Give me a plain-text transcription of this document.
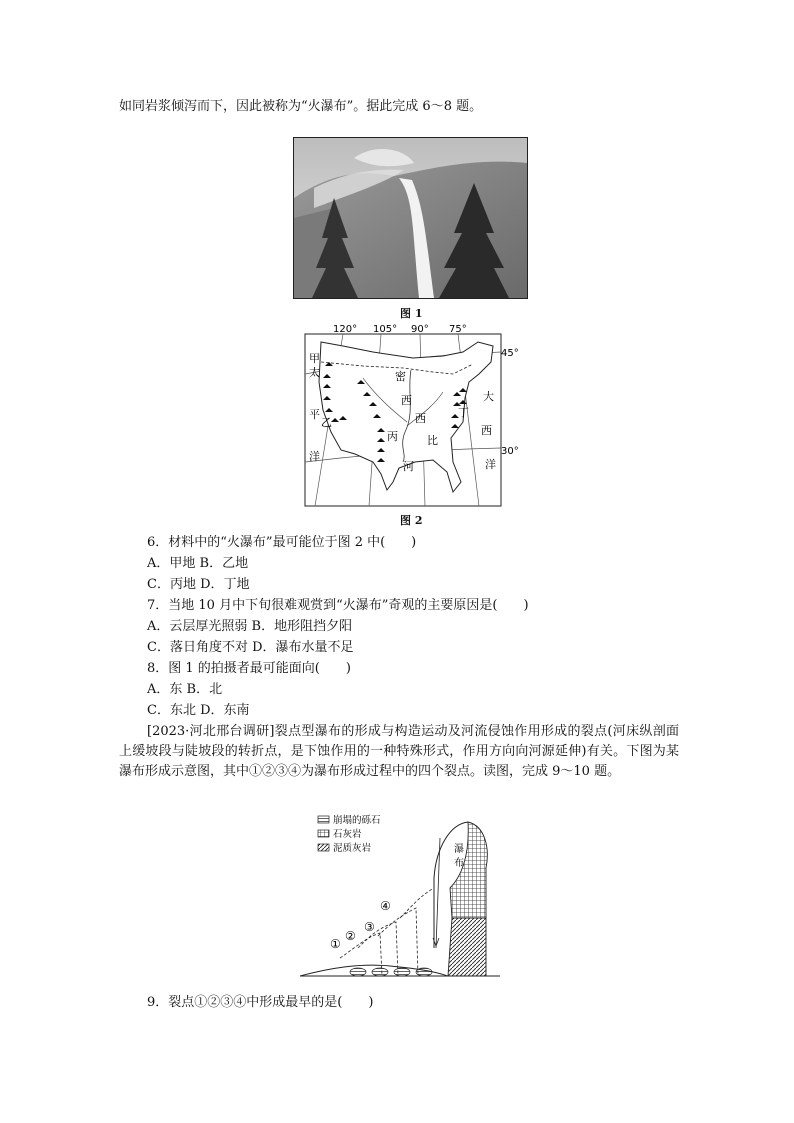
如同岩浆倾泻而下，因此被称为“火瀑布”。据此完成 6～8 题。
图 1
120° 105° 90° 75°
45°
30°
甲
太
平
洋
乙
丙
丁
密
西
西
比
河
大
西
洋
图 2
6．材料中的“火瀑布”最可能位于图 2 中(　　)
A．甲地 B．乙地
C．丙地 D．丁地
7．当地 10 月中下旬很难观赏到“火瀑布”奇观的主要原因是(　　)
A．云层厚光照弱 B．地形阻挡夕阳
C．落日角度不对 D．瀑布水量不足
8．图 1 的拍摄者最可能面向(　　)
A．东 B．北
C．东北 D．东南
[2023·河北邢台调研]裂点型瀑布的形成与构造运动及河流侵蚀作用形成的裂点(河床纵剖面上缓坡段与陡坡段的转折点，是下蚀作用的一种特殊形式，作用方向向河源延伸)有关。下图为某瀑布形成示意图，其中①②③④为瀑布形成过程中的四个裂点。读图，完成 9～10 题。
崩塌的砾石
石灰岩
泥质灰岩	瀑
布
①
②
③
④
9．裂点①②③④中形成最早的是(　　)
